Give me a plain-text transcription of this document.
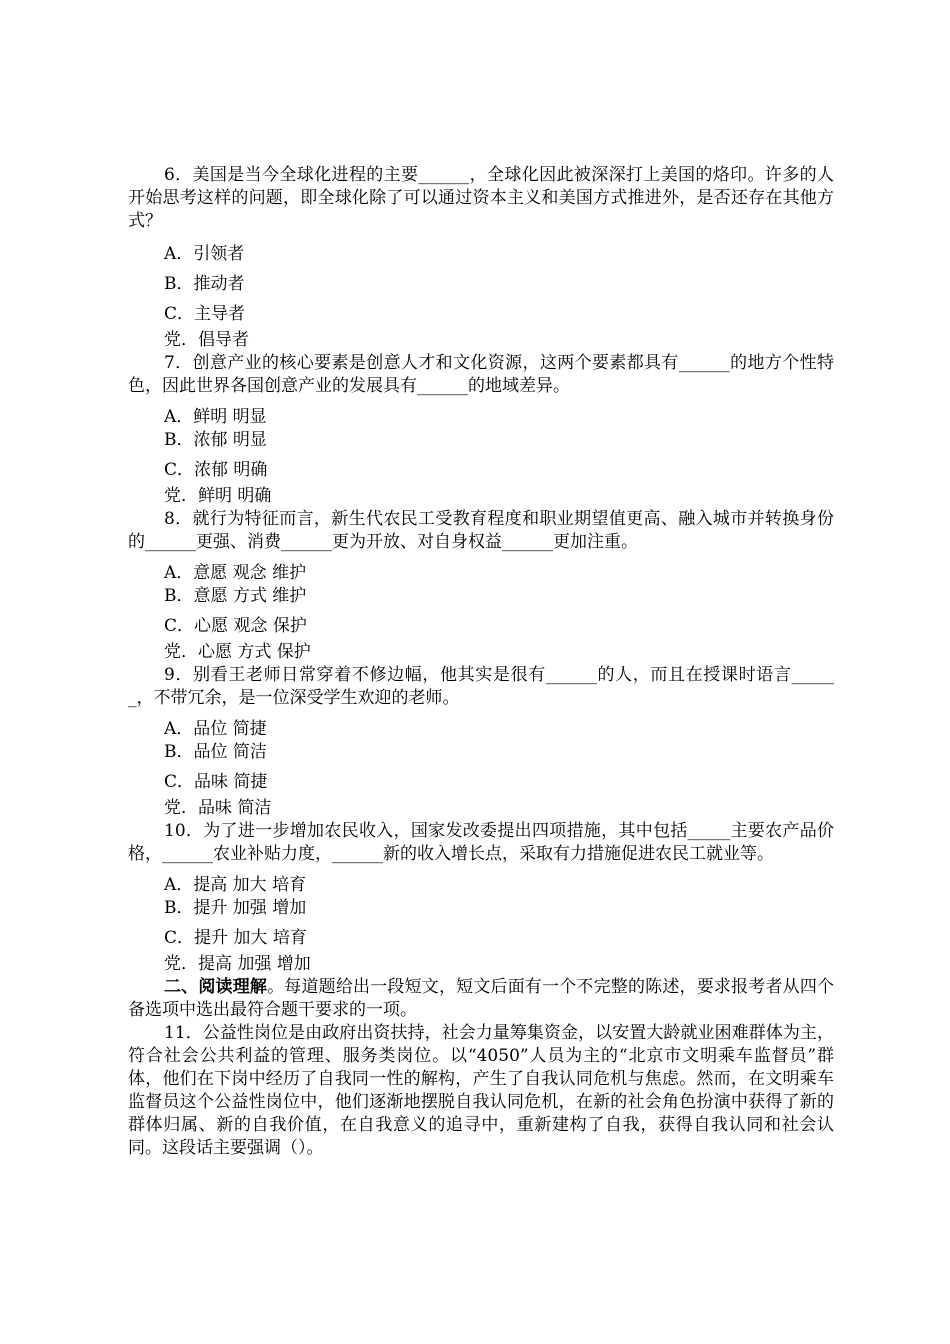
6．美国是当今全球化进程的主要______，全球化因此被深深打上美国的烙印。许多的人开始思考这样的问题，即全球化除了可以通过资本主义和美国方式推进外，是否还存在其他方式？

A．引领者

B．推动者

C．主导者

党．倡导者

7．创意产业的核心要素是创意人才和文化资源，这两个要素都具有______的地方个性特色，因此世界各国创意产业的发展具有______的地域差异。

A．鲜明 明显

B．浓郁 明显

C．浓郁 明确

党．鲜明 明确

8．就行为特征而言，新生代农民工受教育程度和职业期望值更高、融入城市并转换身份的______更强、消费______更为开放、对自身权益______更加注重。

A．意愿 观念 维护

B．意愿 方式 维护

C．心愿 观念 保护

党．心愿 方式 保护

9．别看王老师日常穿着不修边幅，他其实是很有______的人，而且在授课时语言______，不带冗余，是一位深受学生欢迎的老师。

A．品位 简捷

B．品位 简洁

C．品味 简捷

党．品味 简洁

10．为了进一步增加农民收入，国家发改委提出四项措施，其中包括_____主要农产品价格，______农业补贴力度，______新的收入增长点，采取有力措施促进农民工就业等。

A．提高 加大 培育

B．提升 加强 增加

C．提升 加大 培育

党．提高 加强 增加

二、阅读理解。每道题给出一段短文，短文后面有一个不完整的陈述，要求报考者从四个备选项中选出最符合题干要求的一项。

11．公益性岗位是由政府出资扶持，社会力量筹集资金，以安置大龄就业困难群体为主，符合社会公共利益的管理、服务类岗位。以“4050”人员为主的“北京市文明乘车监督员”群体，他们在下岗中经历了自我同一性的解构，产生了自我认同危机与焦虑。然而，在文明乘车监督员这个公益性岗位中，他们逐渐地摆脱自我认同危机，在新的社会角色扮演中获得了新的群体归属、新的自我价值，在自我意义的追寻中，重新建构了自我，获得自我认同和社会认同。这段话主要强调（）。
